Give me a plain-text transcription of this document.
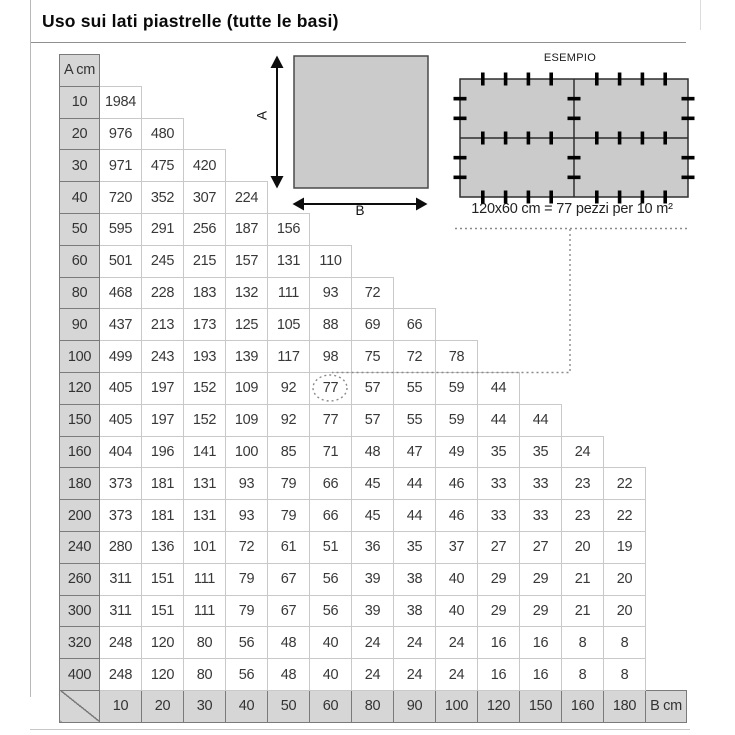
Uso sui lati piastrelle (tutte le basi)
A cm														
10	1984													
20	976	480												
30	971	475	420											
40	720	352	307	224										
50	595	291	256	187	156									
60	501	245	215	157	131	110								
80	468	228	183	132	111	93	72							
90	437	213	173	125	105	88	69	66						
100	499	243	193	139	117	98	75	72	78					
120	405	197	152	109	92	77	57	55	59	44				
150	405	197	152	109	92	77	57	55	59	44	44			
160	404	196	141	100	85	71	48	47	49	35	35	24		
180	373	181	131	93	79	66	45	44	46	33	33	23	22	
200	373	181	131	93	79	66	45	44	46	33	33	23	22	
240	280	136	101	72	61	51	36	35	37	27	27	20	19	
260	311	151	111	79	67	56	39	38	40	29	29	21	20	
300	311	151	111	79	67	56	39	38	40	29	29	21	20	
320	248	120	80	56	48	40	24	24	24	16	16	8	8	
400	248	120	80	56	48	40	24	24	24	16	16	8	8	
	10	20	30	40	50	60	80	90	100	120	150	160	180	B cm
A
B
ESEMPIO
120x60 cm = 77 pezzi per 10 m²
